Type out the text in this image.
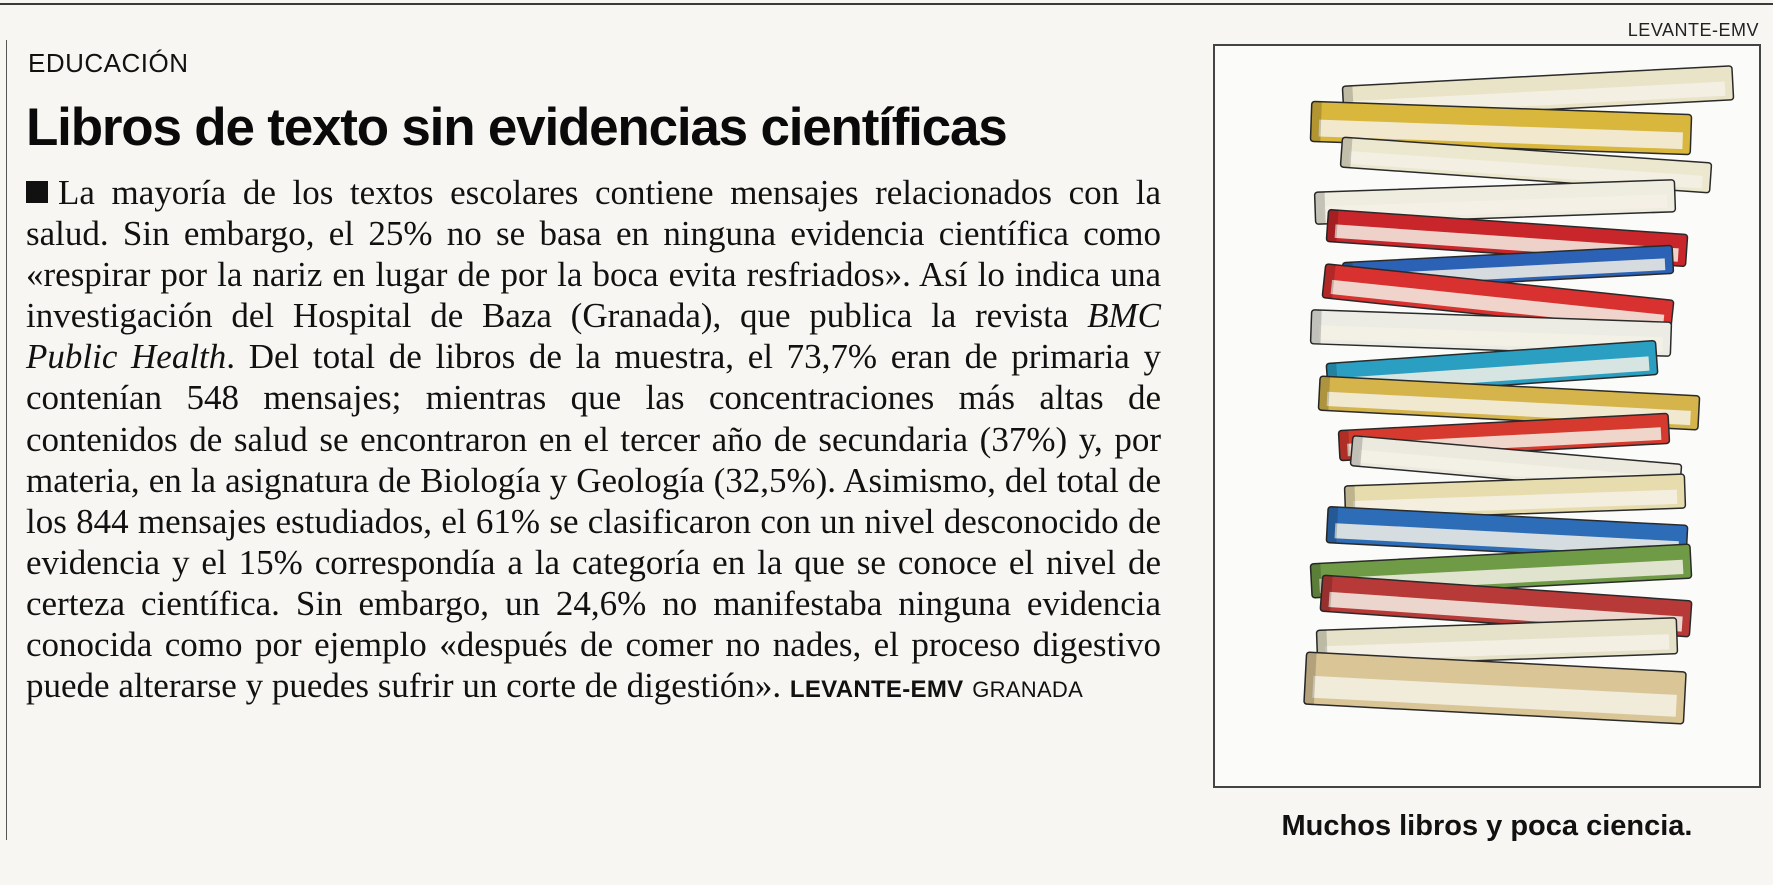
EDUCACIÓN
LEVANTE-EMV
Libros de texto sin evidencias científicas

La mayoría de los textos escolares contiene mensajes relacionados con la salud. Sin embargo, el 25% no se basa en ninguna evidencia científica como «respirar por la nariz en lugar de por la boca evita resfriados». Así lo indica una investigación del Hospital de Baza (Granada), que publica la revista BMC Public Health. Del total de libros de la muestra, el 73,7% eran de primaria y contenían 548 mensajes; mientras que las concentraciones más altas de contenidos de salud se encontraron en el tercer año de secundaria (37%) y, por materia, en la asignatura de Biología y Geología (32,5%). Asimismo, del total de los 844 mensajes estudiados, el 61% se clasificaron con un nivel desconocido de evidencia y el 15% correspondía a la categoría en la que se conoce el nivel de certeza científica. Sin embargo, un 24,6% no manifestaba ninguna evidencia conocida como por ejemplo «después de comer no nades, el proceso digestivo puede alterarse y puedes sufrir un corte de digestión». LEVANTE-EMV GRANADA

Muchos libros y poca ciencia.
